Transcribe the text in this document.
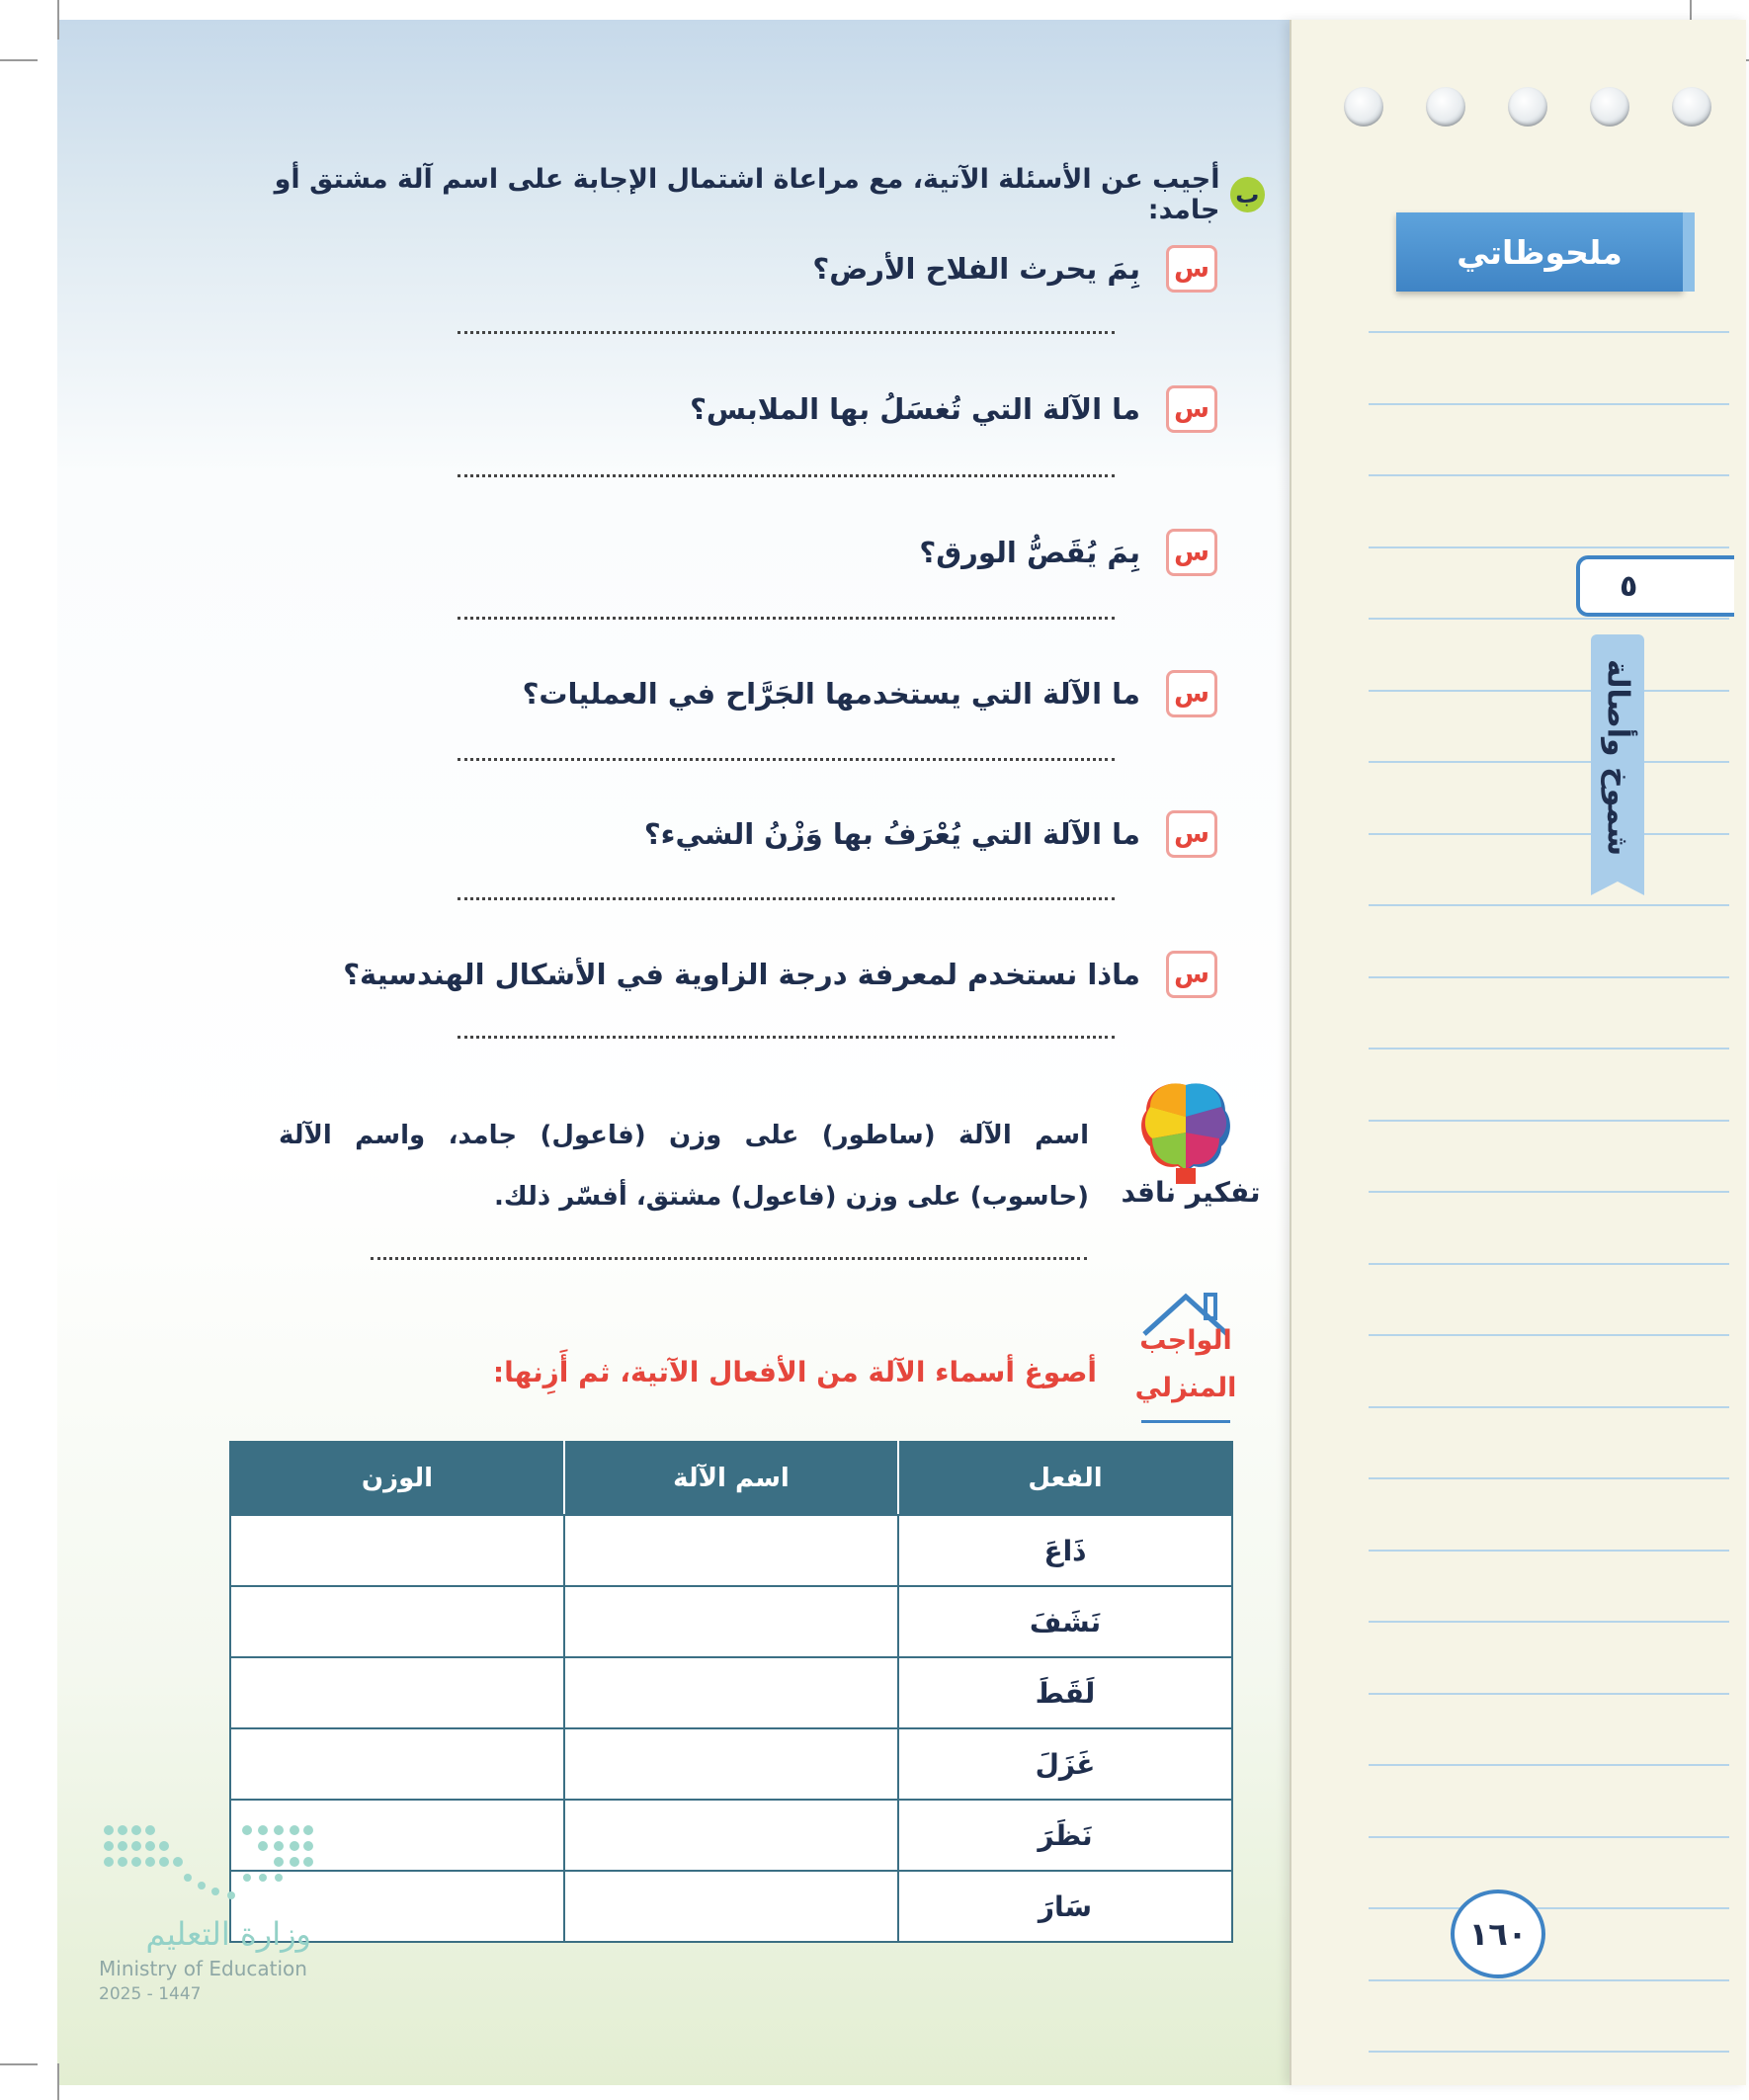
ملحوظاتي
٥
شموخ وأصالة
ب
أجيب عن الأسئلة الآتية، مع مراعاة اشتمال الإجابة على اسم آلة مشتق أو جامد:
س
بِمَ يحرث الفلاح الأرض؟
س
ما الآلة التي تُغسَلُ بها الملابس؟
س
بِمَ يُقَصُّ الورق؟
س
ما الآلة التي يستخدمها الجَرَّاح في العمليات؟
س
ما الآلة التي يُعْرَفُ بها وَزْنُ الشيء؟
س
ماذا نستخدم لمعرفة درجة الزاوية في الأشكال الهندسية؟
تفكير ناقد
اسم الآلة (ساطور) على وزن (فاعول) جامد، واسم الآلة (حاسوب) على وزن (فاعول) مشتق، أفسّر ذلك.
الواجب
المنزلي
أصوغ أسماء الآلة من الأفعال الآتية، ثم أَزِنها:
الفعل	اسم الآلة	الوزن
ذَاعَ		
نَشَفَ		
لَقَطَ		
غَزَلَ		
نَظَرَ		
سَارَ		
١٦٠
وزارة التعليم
Ministry of Education
2025 - 1447
